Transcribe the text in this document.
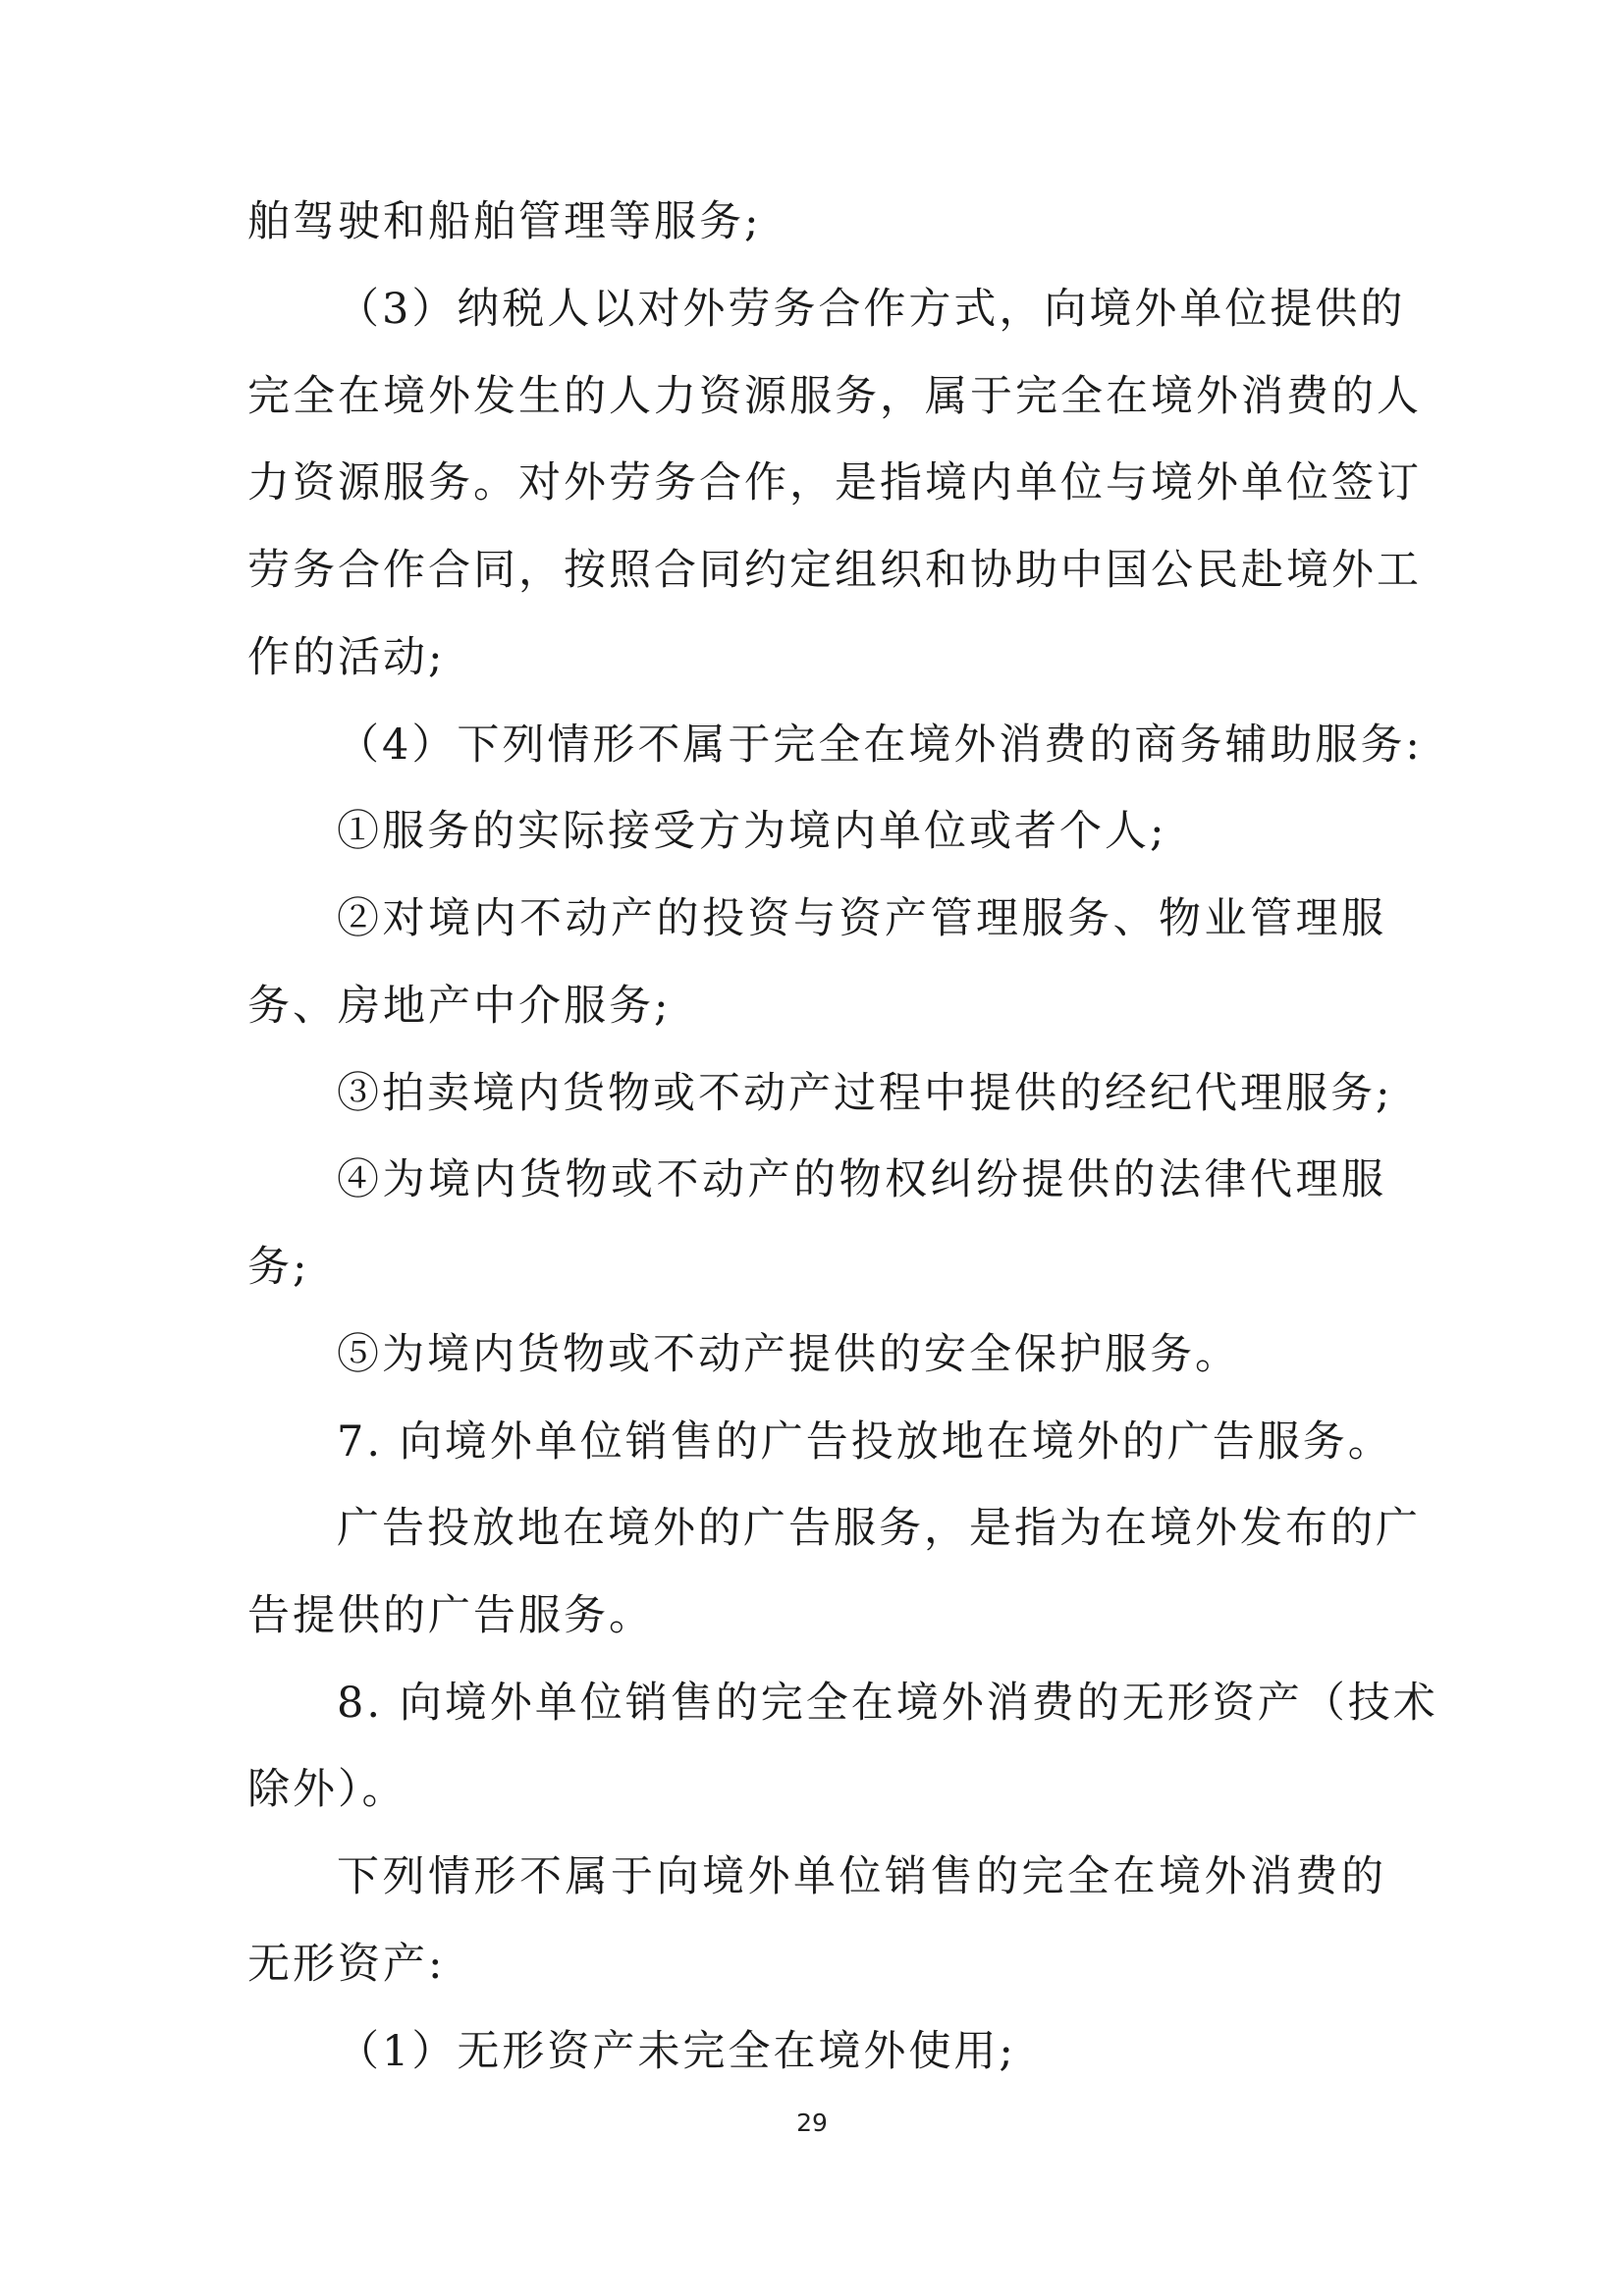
舶驾驶和船舶管理等服务;

（3）纳税人以对外劳务合作方式，向境外单位提供的

完全在境外发生的人力资源服务，属于完全在境外消费的人

力资源服务。对外劳务合作，是指境内单位与境外单位签订

劳务合作合同，按照合同约定组织和协助中国公民赴境外工

作的活动;

（4）下列情形不属于完全在境外消费的商务辅助服务:

①服务的实际接受方为境内单位或者个人;

②对境内不动产的投资与资产管理服务、物业管理服

务、房地产中介服务;

③拍卖境内货物或不动产过程中提供的经纪代理服务;

④为境内货物或不动产的物权纠纷提供的法律代理服

务;

⑤为境内货物或不动产提供的安全保护服务。

7. 向境外单位销售的广告投放地在境外的广告服务。

广告投放地在境外的广告服务，是指为在境外发布的广

告提供的广告服务。

8. 向境外单位销售的完全在境外消费的无形资产（技术

除外）。

下列情形不属于向境外单位销售的完全在境外消费的

无形资产:

（1）无形资产未完全在境外使用;

29
